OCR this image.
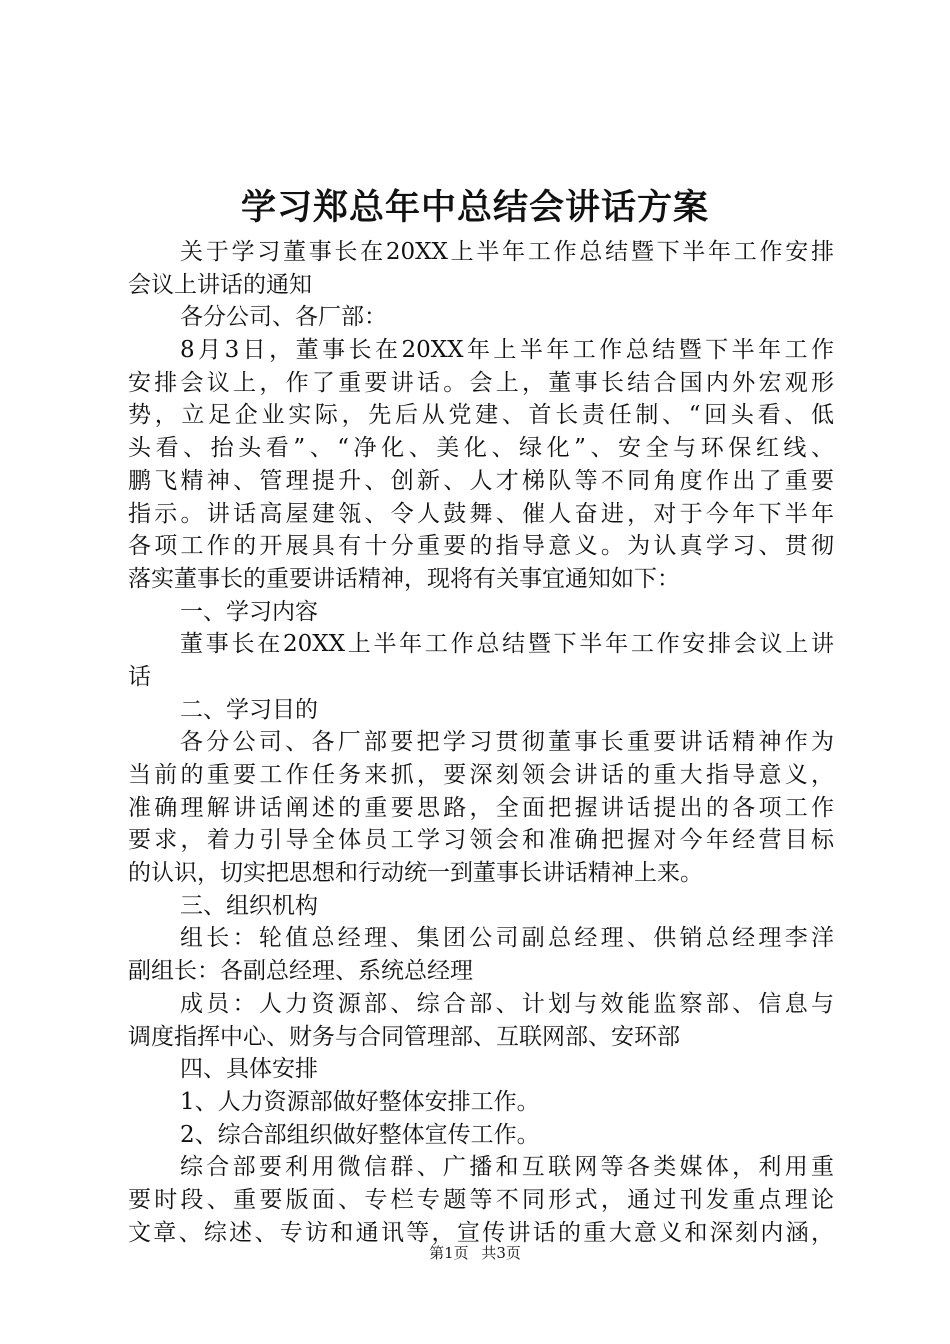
学习郑总年中总结会讲话方案
关于学习董事长在20XX上半年工作总结暨下半年工作安排
会议上讲话的通知
各分公司、各厂部：
8月3日，董事长在20XX年上半年工作总结暨下半年工作
安排会议上，作了重要讲话。会上，董事长结合国内外宏观形
势，立足企业实际，先后从党建、首长责任制、“回头看、低
头看、抬头看”、“净化、美化、绿化”、安全与环保红线、
鹏飞精神、管理提升、创新、人才梯队等不同角度作出了重要
指示。讲话高屋建瓴、令人鼓舞、催人奋进，对于今年下半年
各项工作的开展具有十分重要的指导意义。为认真学习、贯彻
落实董事长的重要讲话精神，现将有关事宜通知如下：
一、学习内容
董事长在20XX上半年工作总结暨下半年工作安排会议上讲
话
二、学习目的
各分公司、各厂部要把学习贯彻董事长重要讲话精神作为
当前的重要工作任务来抓，要深刻领会讲话的重大指导意义，
准确理解讲话阐述的重要思路，全面把握讲话提出的各项工作
要求，着力引导全体员工学习领会和准确把握对今年经营目标
的认识，切实把思想和行动统一到董事长讲话精神上来。
三、组织机构
组长：轮值总经理、集团公司副总经理、供销总经理李洋
副组长：各副总经理、系统总经理
成员：人力资源部、综合部、计划与效能监察部、信息与
调度指挥中心、财务与合同管理部、互联网部、安环部
四、具体安排
1、人力资源部做好整体安排工作。
2、综合部组织做好整体宣传工作。
综合部要利用微信群、广播和互联网等各类媒体，利用重
要时段、重要版面、专栏专题等不同形式，通过刊发重点理论
文章、综述、专访和通讯等，宣传讲话的重大意义和深刻内涵，
第1页 共3页
